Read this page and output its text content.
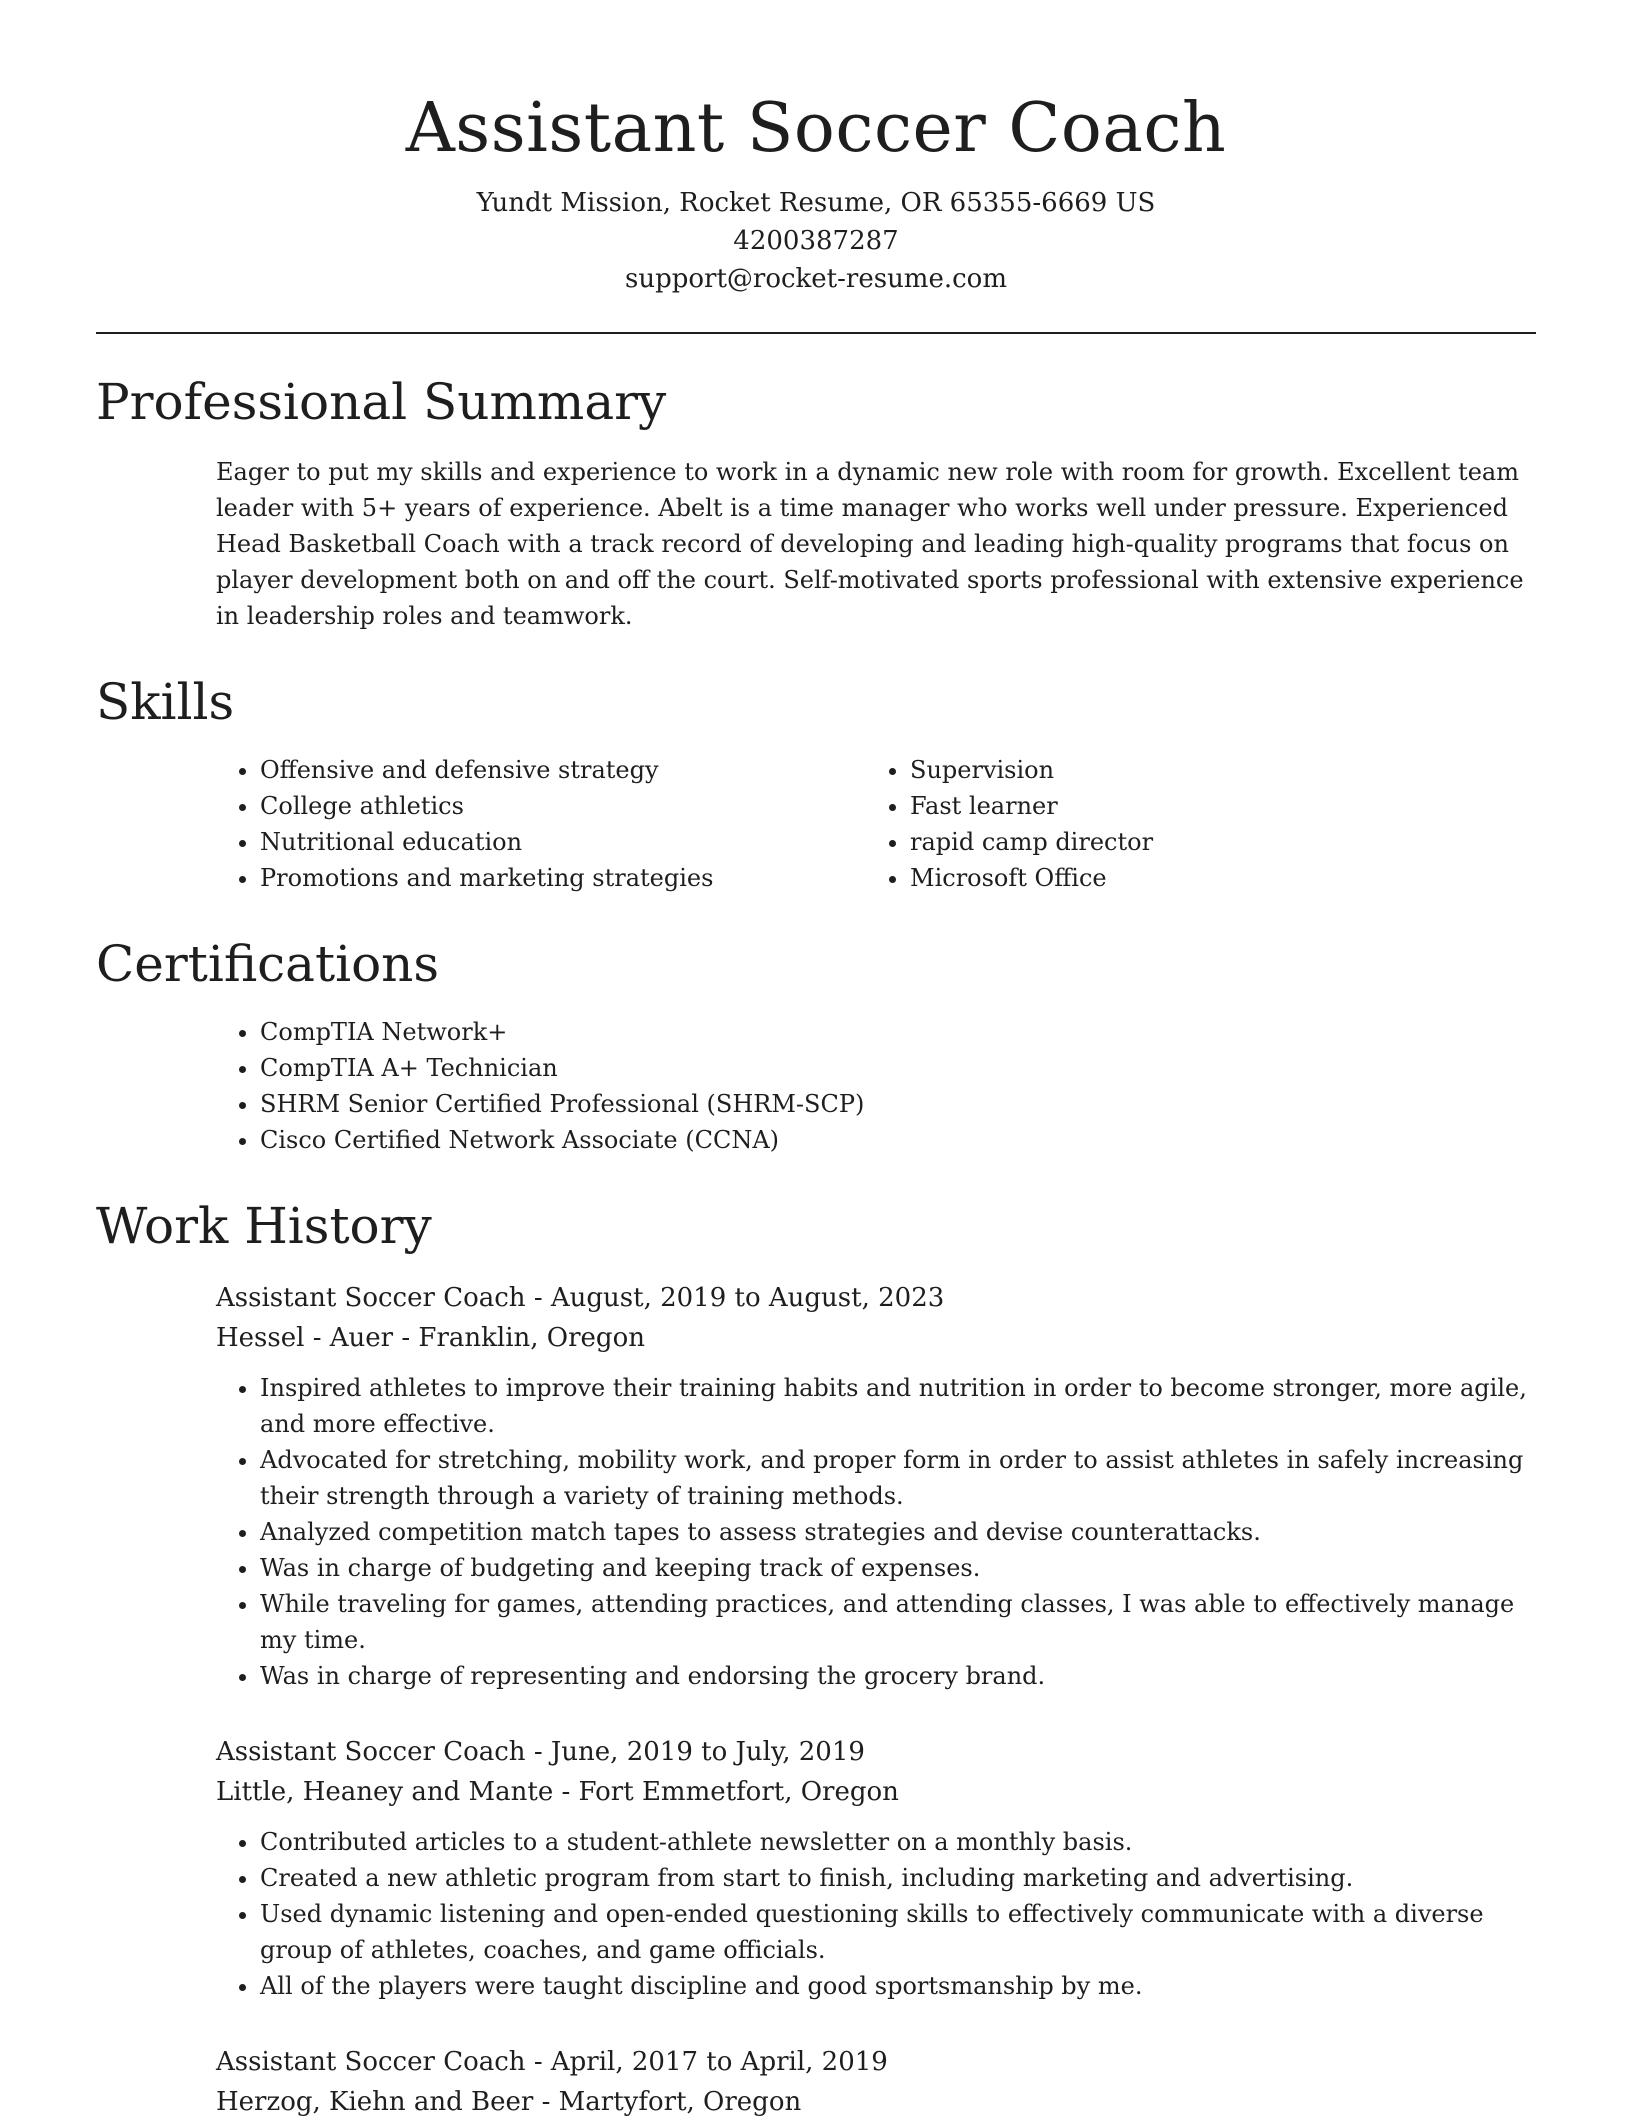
Assistant Soccer Coach
Yundt Mission, Rocket Resume, OR 65355-6669 US
4200387287
support@rocket-resume.com
Professional Summary
Eager to put my skills and experience to work in a dynamic new role with room for growth. Excellent team leader with 5+ years of experience. Abelt is a time manager who works well under pressure. Experienced Head Basketball Coach with a track record of developing and leading high-quality programs that focus on player development both on and off the court. Self-motivated sports professional with extensive experience in leadership roles and teamwork.
Skills
• Offensive and defensive strategy
• College athletics
• Nutritional education
• Promotions and marketing strategies
• Supervision
• Fast learner
• rapid camp director
• Microsoft Office
Certifications
• CompTIA Network+
• CompTIA A+ Technician
• SHRM Senior Certified Professional (SHRM-SCP)
• Cisco Certified Network Associate (CCNA)
Work History
Assistant Soccer Coach - August, 2019 to August, 2023
Hessel - Auer - Franklin, Oregon
• Inspired athletes to improve their training habits and nutrition in order to become stronger, more agile, and more effective.
• Advocated for stretching, mobility work, and proper form in order to assist athletes in safely increasing their strength through a variety of training methods.
• Analyzed competition match tapes to assess strategies and devise counterattacks.
• Was in charge of budgeting and keeping track of expenses.
• While traveling for games, attending practices, and attending classes, I was able to effectively manage my time.
• Was in charge of representing and endorsing the grocery brand.
Assistant Soccer Coach - June, 2019 to July, 2019
Little, Heaney and Mante - Fort Emmetfort, Oregon
• Contributed articles to a student-athlete newsletter on a monthly basis.
• Created a new athletic program from start to finish, including marketing and advertising.
• Used dynamic listening and open-ended questioning skills to effectively communicate with a diverse group of athletes, coaches, and game officials.
• All of the players were taught discipline and good sportsmanship by me.
Assistant Soccer Coach - April, 2017 to April, 2019
Herzog, Kiehn and Beer - Martyfort, Oregon
